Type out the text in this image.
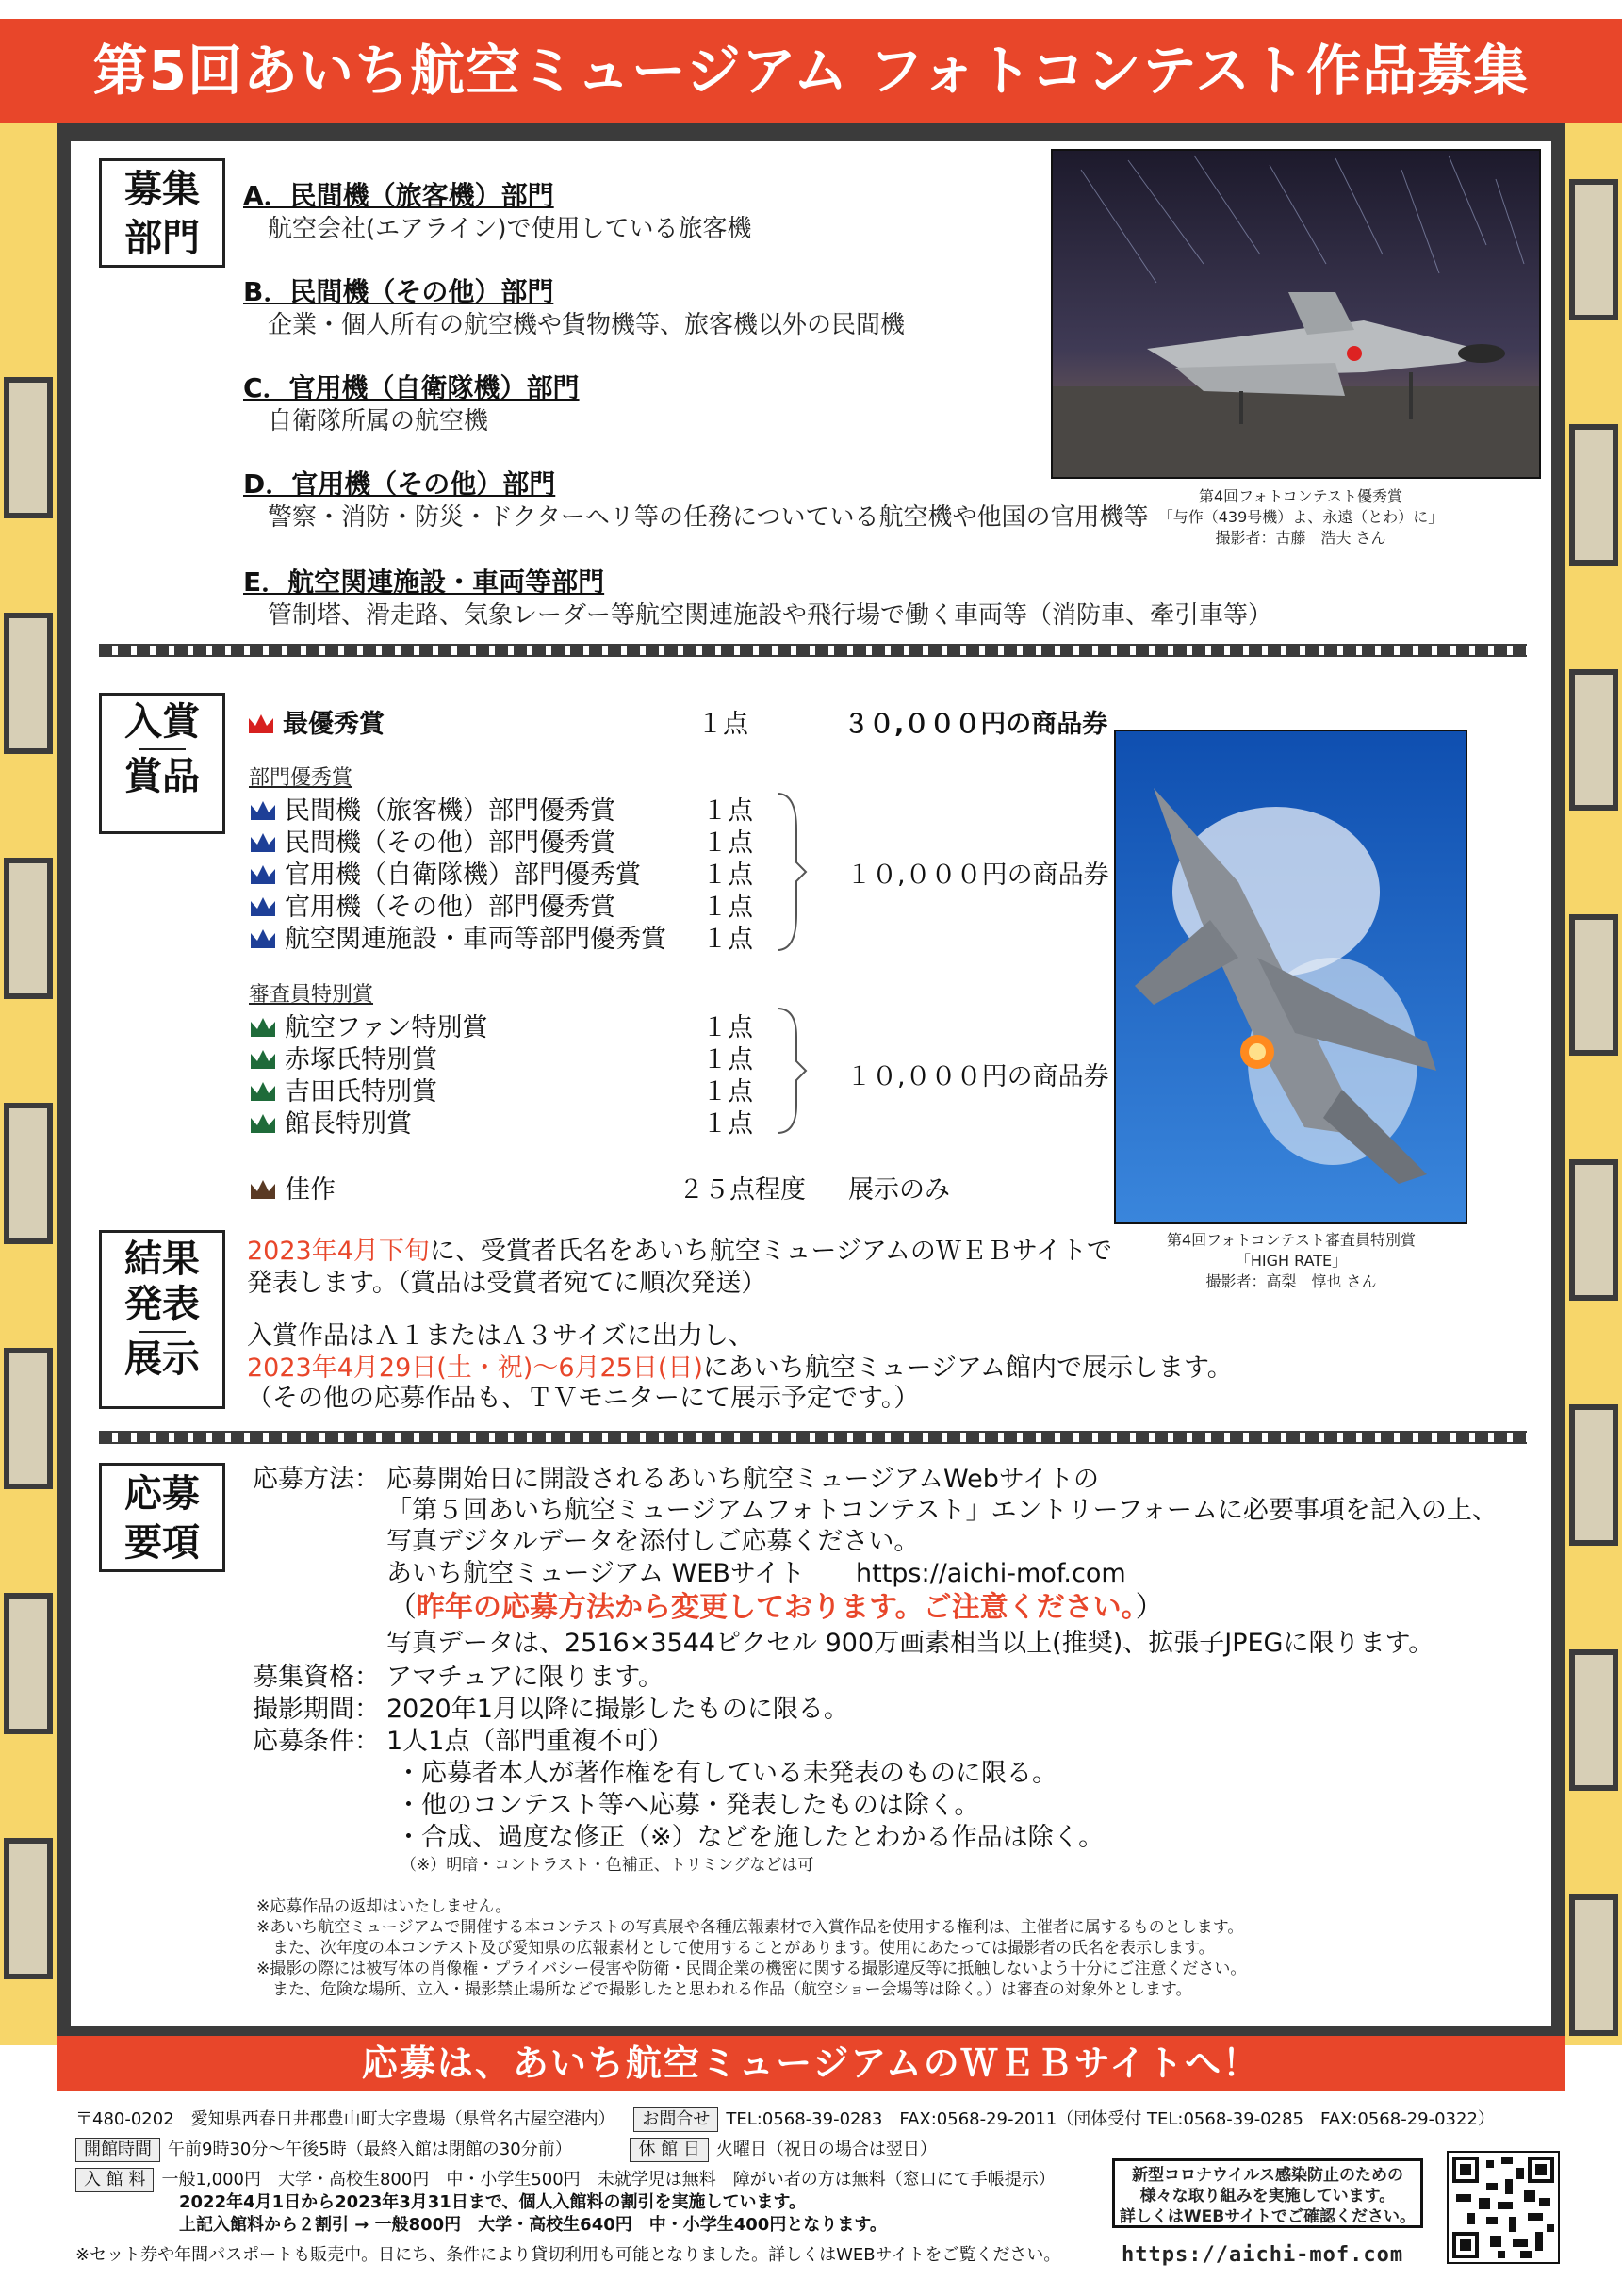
第5回あいち航空ミュージアム フォトコンテスト作品募集
募集
部門
A．民間機（旅客機）部門
航空会社(エアライン)で使用している旅客機
B．民間機（その他）部門
企業・個人所有の航空機や貨物機等、旅客機以外の民間機
C．官用機（自衛隊機）部門
自衛隊所属の航空機
D．官用機（その他）部門
警察・消防・防災・ドクターヘリ等の任務についている航空機や他国の官用機等
E．航空関連施設・車両等部門
管制塔、滑走路、気象レーダー等航空関連施設や飛行場で働く車両等（消防車、牽引車等）
第4回フォトコンテスト優秀賞
「与作（439号機）よ、永遠（とわ）に」
撮影者：古藤　浩夫 さん
入賞
賞品
最優秀賞	１点	３０,０００円の商品券
部門優秀賞
民間機（旅客機）部門優秀賞	１点
民間機（その他）部門優秀賞	１点
官用機（自衛隊機）部門優秀賞 １点
官用機（その他）部門優秀賞	１点
航空関連施設・車両等部門優秀賞 １点
１０,０００円の商品券
審査員特別賞
航空ファン特別賞	１点
赤塚氏特別賞	１点
吉田氏特別賞	１点
館長特別賞	１点
１０,０００円の商品券
佳作	２５点程度 展示のみ
第4回フォトコンテスト審査員特別賞
「HIGH RATE」
撮影者：高梨　惇也 さん
結果
発表
展示
2023年4月下旬に、受賞者氏名をあいち航空ミュージアムのＷＥＢサイトで
発表します。（賞品は受賞者宛てに順次発送）
入賞作品はＡ１またはＡ３サイズに出力し、
2023年4月29日(土・祝)〜6月25日(日)にあいち航空ミュージアム館内で展示します。
（その他の応募作品も、ＴＶモニターにて展示予定です。）
応募
要項
応募方法： 応募開始日に開設されるあいち航空ミュージアムWebサイトの
「第５回あいち航空ミュージアムフォトコンテスト」エントリーフォームに必要事項を記入の上、
写真デジタルデータを添付しご応募ください。
あいち航空ミュージアム WEBサイト　　https://aichi-mof.com
（昨年の応募方法から変更しております。ご注意ください。）
写真データは、2516×3544ピクセル 900万画素相当以上(推奨)、拡張子JPEGに限ります。
募集資格： アマチュアに限ります。
撮影期間： 2020年1月以降に撮影したものに限る。
応募条件： 1人1点（部門重複不可）
・応募者本人が著作権を有している未発表のものに限る。
・他のコンテスト等へ応募・発表したものは除く。
・合成、過度な修正（※）などを施したとわかる作品は除く。
（※）明暗・コントラスト・色補正、トリミングなどは可
※応募作品の返却はいたしません。
※あいち航空ミュージアムで開催する本コンテストの写真展や各種広報素材で入賞作品を使用する権利は、主催者に属するものとします。
　また、次年度の本コンテスト及び愛知県の広報素材として使用することがあります。使用にあたっては撮影者の氏名を表示します。
※撮影の際には被写体の肖像権・プライバシー侵害や防衛・民間企業の機密に関する撮影違反等に抵触しないよう十分にご注意ください。
　また、危険な場所、立入・撮影禁止場所などで撮影したと思われる作品（航空ショー会場等は除く。）は審査の対象外とします。
応募は、あいち航空ミュージアムのＷＥＢサイトへ！
〒480-0202　愛知県西春日井郡豊山町大字豊場（県営名古屋空港内） お問合せ TEL:0568-39-0283　FAX:0568-29-2011（団体受付 TEL:0568-39-0285　FAX:0568-29-0322）
開館時間 午前9時30分〜午後5時（最終入館は閉館の30分前）	休 館 日 火曜日（祝日の場合は翌日）
入 館 料 一般1,000円　大学・高校生800円　中・小学生500円　未就学児は無料　障がい者の方は無料（窓口にて手帳提示）
2022年4月1日から2023年3月31日まで、個人入館料の割引を実施しています。
上記入館料から２割引 → 一般800円　大学・高校生640円　中・小学生400円となります。
※セット券や年間パスポートも販売中。日にち、条件により貸切利用も可能となりました。詳しくはWEBサイトをご覧ください。
新型コロナウイルス感染防止のための
様々な取り組みを実施しています。
詳しくはWEBサイトでご確認ください。
https://aichi-mof.com
